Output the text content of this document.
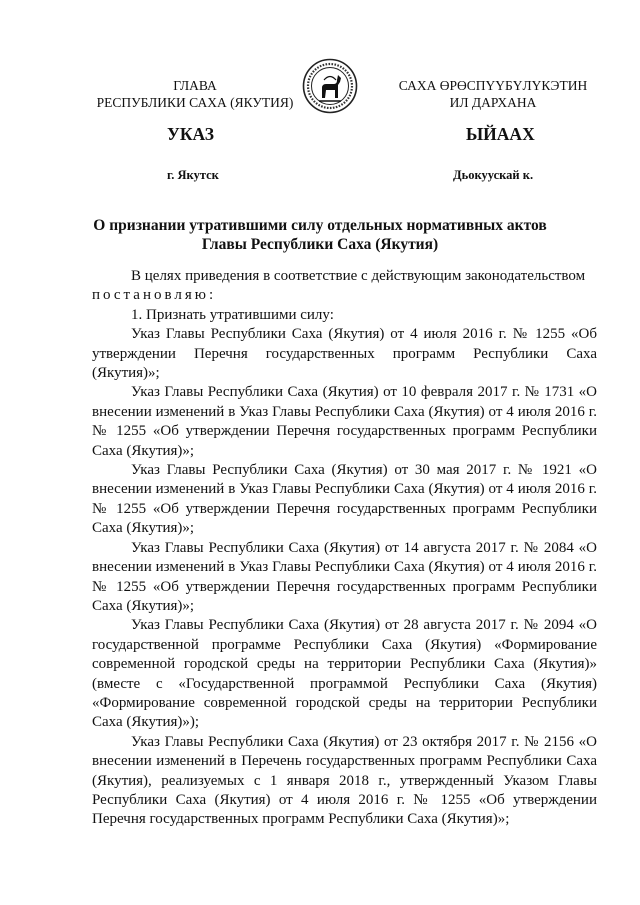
ГЛАВА
РЕСПУБЛИКИ САХА (ЯКУТИЯ)
САХА ӨРӨСПҮҮБҮЛҮКЭТИН
ИЛ ДАРХАНА
УКАЗ	ЫЙААХ
г. Якутск	Дьокуускай к.
О признании утратившими силу отдельных нормативных актов
Главы Республики Саха (Якутия)

В целях приведения в соответствие с действующим законодательством

постановляю:

1. Признать утратившими силу:

Указ Главы Республики Саха (Якутия) от 4 июля 2016 г. № 1255 «Об утверждении Перечня государственных программ Республики Саха (Якутия)»;

Указ Главы Республики Саха (Якутия) от 10 февраля 2017 г. № 1731 «О внесении изменений в Указ Главы Республики Саха (Якутия) от 4 июля 2016 г. № 1255 «Об утверждении Перечня государственных программ Республики Саха (Якутия)»;

Указ Главы Республики Саха (Якутия) от 30 мая 2017 г. № 1921 «О внесении изменений в Указ Главы Республики Саха (Якутия) от 4 июля 2016 г. № 1255 «Об утверждении Перечня государственных программ Республики Саха (Якутия)»;

Указ Главы Республики Саха (Якутия) от 14 августа 2017 г. № 2084 «О внесении изменений в Указ Главы Республики Саха (Якутия) от 4 июля 2016 г. № 1255 «Об утверждении Перечня государственных программ Республики Саха (Якутия)»;

Указ Главы Республики Саха (Якутия) от 28 августа 2017 г. № 2094 «О государственной программе Республики Саха (Якутия) «Формирование современной городской среды на территории Республики Саха (Якутия)» (вместе с «Государственной программой Республики Саха (Якутия) «Формирование современной городской среды на территории Республики Саха (Якутия)»);

Указ Главы Республики Саха (Якутия) от 23 октября 2017 г. № 2156 «О внесении изменений в Перечень государственных программ Республики Саха (Якутия), реализуемых с 1 января 2018 г., утвержденный Указом Главы Республики Саха (Якутия) от 4 июля 2016 г. № 1255 «Об утверждении Перечня государственных программ Республики Саха (Якутия)»;
